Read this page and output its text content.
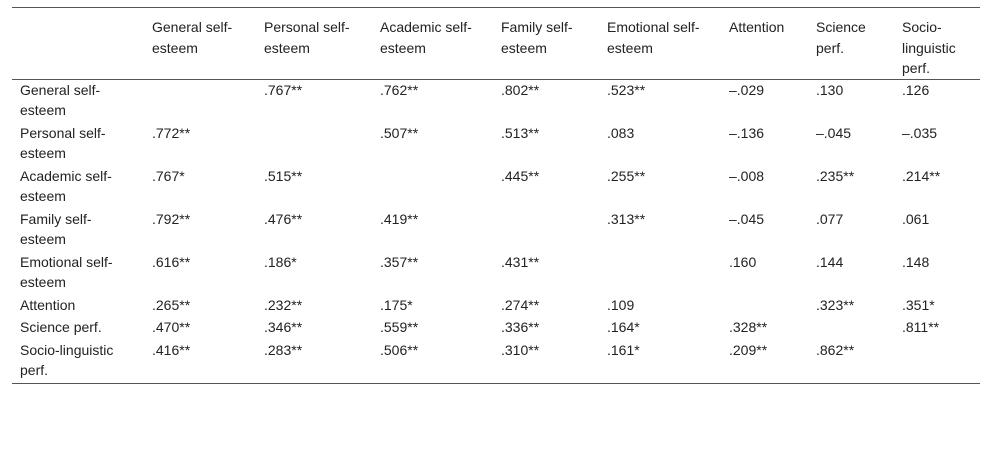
	General self-esteem	Personal self-esteem	Academic self-esteem	Family self-esteem	Emotional self-esteem	Attention	Science perf.	Socio-linguistic perf.
General self-esteem		.767**	.762**	.802**	.523**	–.029	.130	.126
Personal self-esteem	.772**		.507**	.513**	.083	–.136	–.045	–.035
Academic self-esteem	.767*	.515**		.445**	.255**	–.008	.235**	.214**
Family self-esteem	.792**	.476**	.419**		.313**	–.045	.077	.061
Emotional self-esteem	.616**	.186*	.357**	.431**		.160	.144	.148
Attention	.265**	.232**	.175*	.274**	.109		.323**	.351*
Science perf.	.470**	.346**	.559**	.336**	.164*	.328**		.811**
Socio-linguistic perf.	.416**	.283**	.506**	.310**	.161*	.209**	.862**	
